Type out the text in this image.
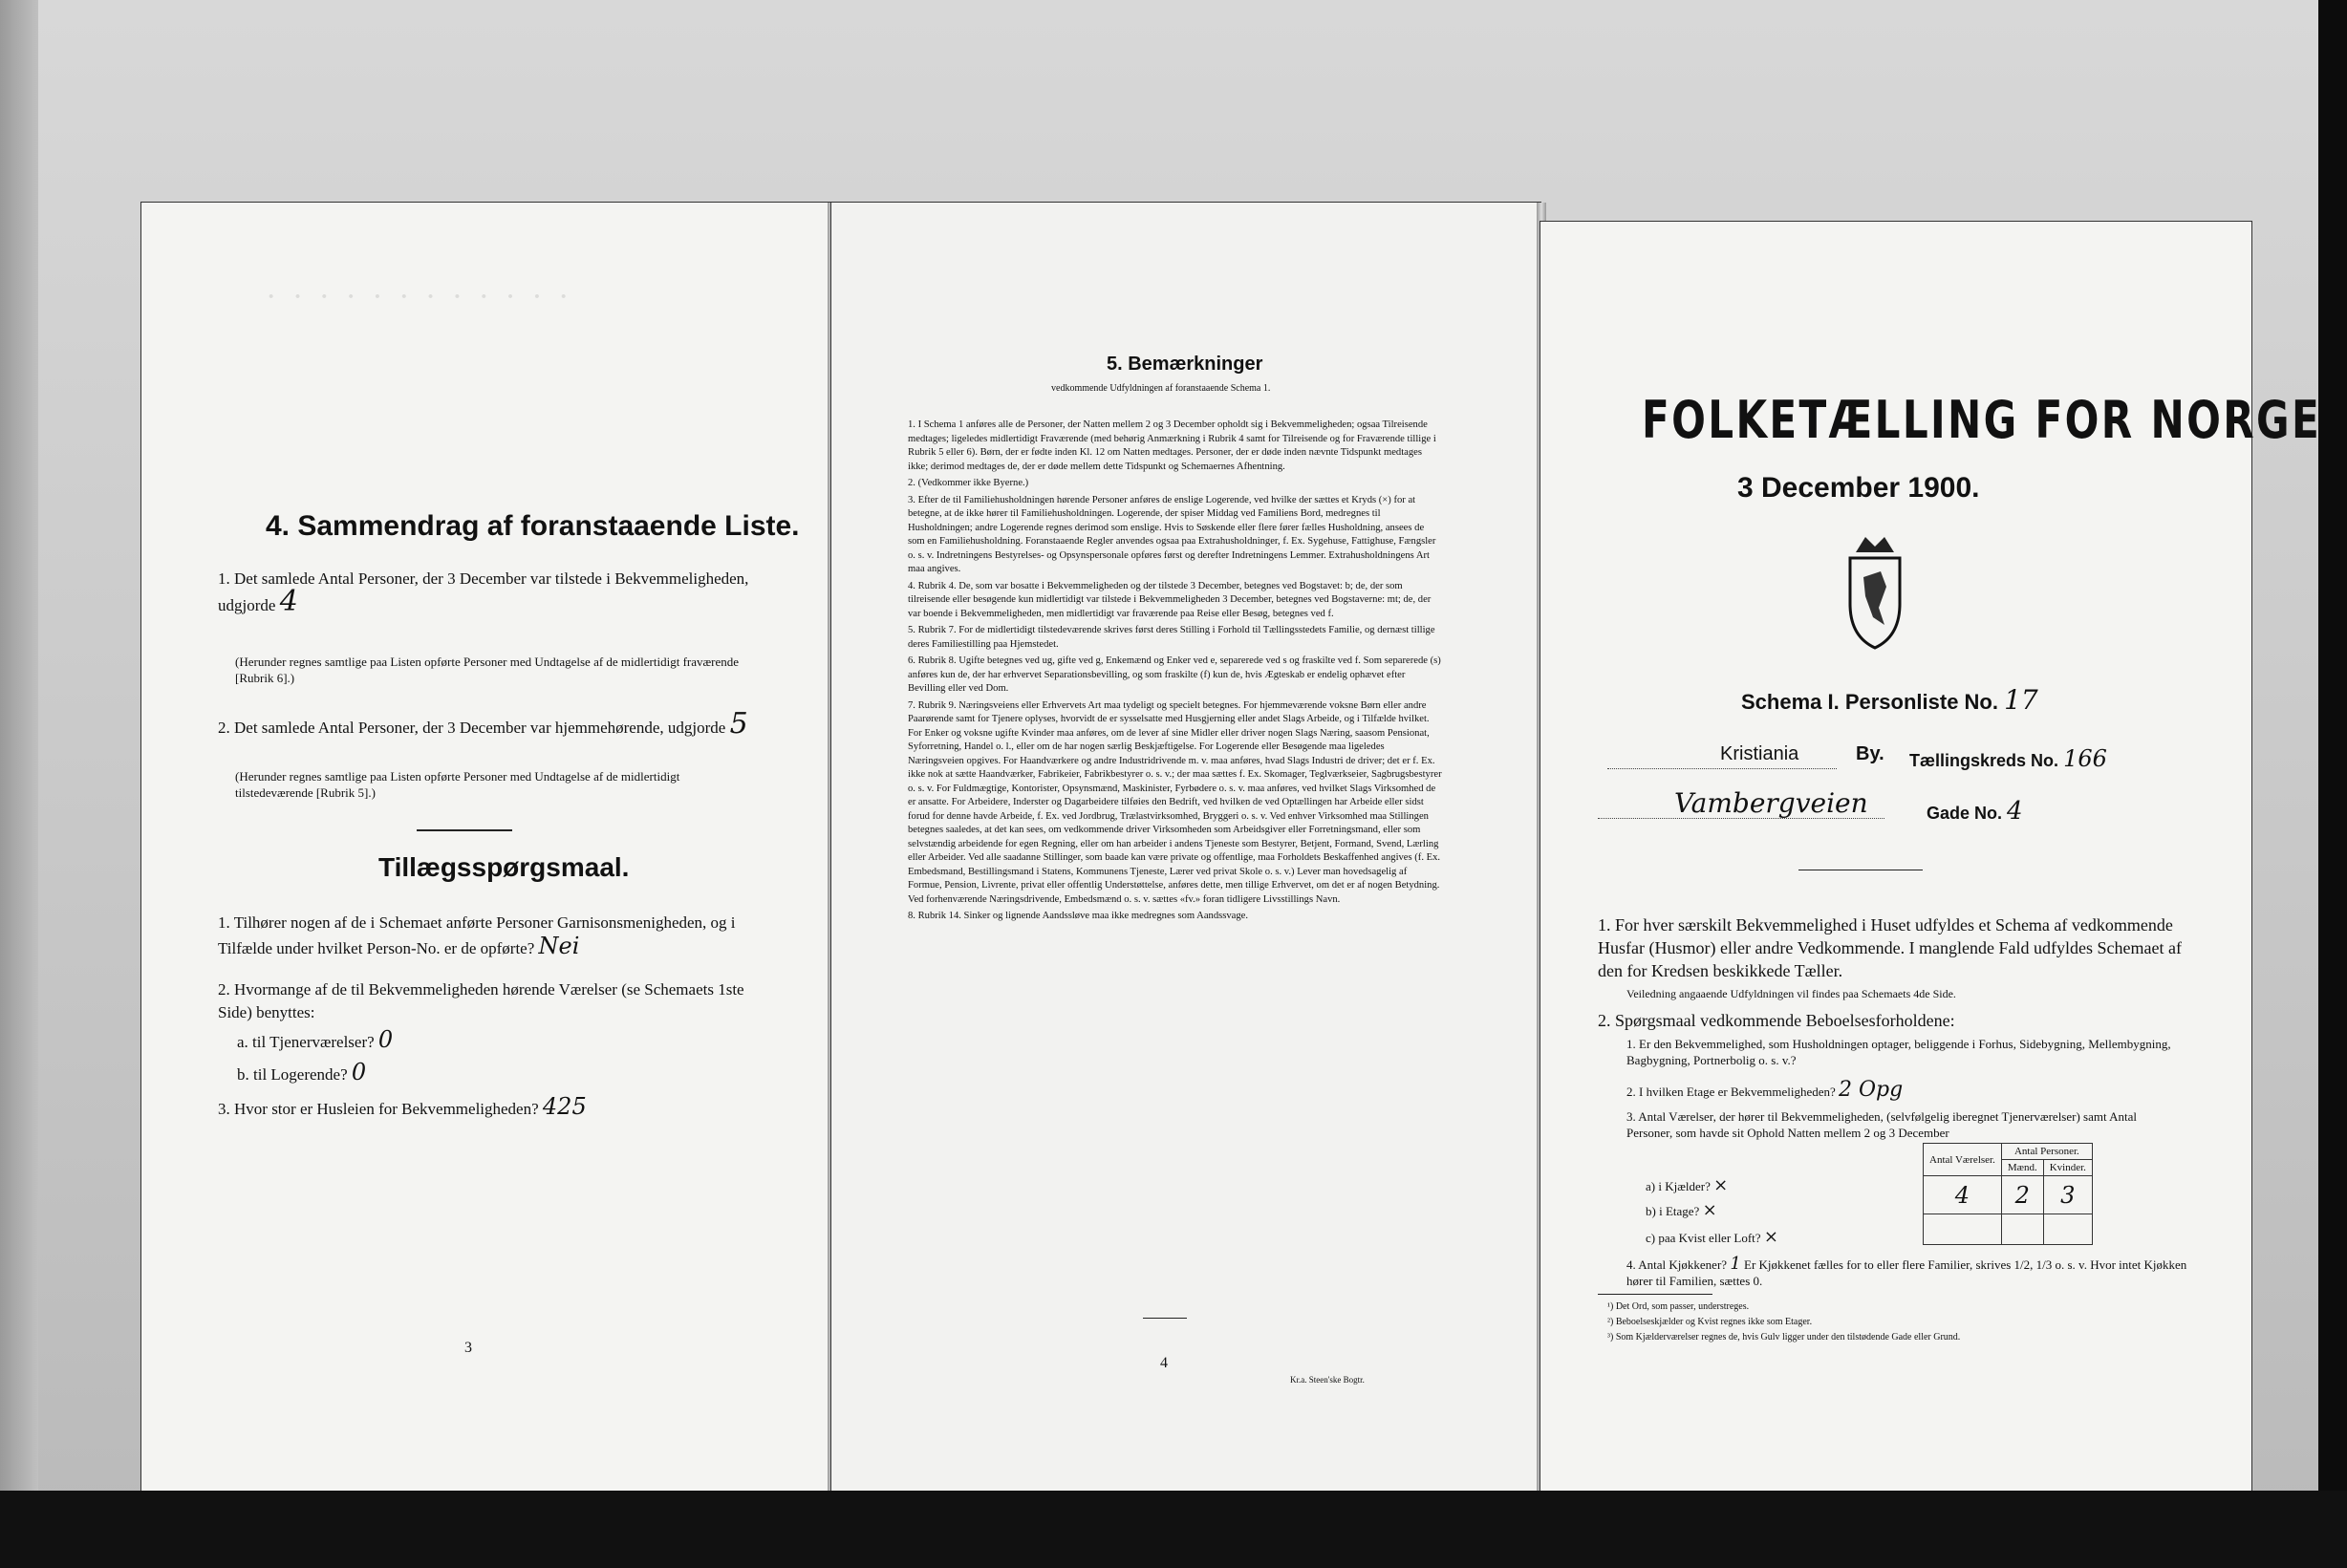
· · · · · · · · · · · ·
4. Sammendrag af foranstaaende Liste.
1. Det samlede Antal Personer, der 3 December var tilstede i Bekvemmeligheden, udgjorde 4
(Herunder regnes samtlige paa Listen opførte Personer med Undtagelse af de midlertidigt fraværende [Rubrik 6].)
2. Det samlede Antal Personer, der 3 December var hjemmehørende, udgjorde 5
(Herunder regnes samtlige paa Listen opførte Personer med Undtagelse af de midlertidigt tilstedeværende [Rubrik 5].)
Tillægsspørgsmaal.
1. Tilhører nogen af de i Schemaet anførte Personer Garnisonsmenigheden, og i Tilfælde under hvilket Person-No. er de opførte? Nei
2. Hvormange af de til Bekvemmeligheden hørende Værelser (se Schemaets 1ste Side) benyttes:
a. til Tjenerværelser? 0
b. til Logerende? 0
3. Hvor stor er Husleien for Bekvemmeligheden? 425
3
5. Bemærkninger
vedkommende Udfyldningen af foranstaaende Schema 1.
1. I Schema 1 anføres alle de Personer, der Natten mellem 2 og 3 December opholdt sig i Bekvemmeligheden; ogsaa Tilreisende medtages; ligeledes midlertidigt Fraværende (med behørig Anmærkning i Rubrik 4 samt for Tilreisende og for Fraværende tillige i Rubrik 5 eller 6). Børn, der er fødte inden Kl. 12 om Natten medtages. Personer, der er døde inden nævnte Tidspunkt medtages ikke; derimod medtages de, der er døde mellem dette Tidspunkt og Schemaernes Afhentning.
2. (Vedkommer ikke Byerne.)
3. Efter de til Familiehusholdningen hørende Personer anføres de enslige Logerende, ved hvilke der sættes et Kryds (×) for at betegne, at de ikke hører til Familiehusholdningen. Logerende, der spiser Middag ved Familiens Bord, medregnes til Husholdningen; andre Logerende regnes derimod som enslige. Hvis to Søskende eller flere fører fælles Husholdning, ansees de som en Familiehusholdning. Foranstaaende Regler anvendes ogsaa paa Extrahusholdninger, f. Ex. Sygehuse, Fattighuse, Fængsler o. s. v. Indretningens Bestyrelses- og Opsynspersonale opføres først og derefter Indretningens Lemmer. Extrahusholdningens Art maa angives.
4. Rubrik 4. De, som var bosatte i Bekvemmeligheden og der tilstede 3 December, betegnes ved Bogstavet: b; de, der som tilreisende eller besøgende kun midlertidigt var tilstede i Bekvemmeligheden 3 December, betegnes ved Bogstaverne: mt; de, der var boende i Bekvemmeligheden, men midlertidigt var fraværende paa Reise eller Besøg, betegnes ved f.
5. Rubrik 7. For de midlertidigt tilstedeværende skrives først deres Stilling i Forhold til Tællingsstedets Familie, og dernæst tillige deres Familiestilling paa Hjemstedet.
6. Rubrik 8. Ugifte betegnes ved ug, gifte ved g, Enkemænd og Enker ved e, separerede ved s og fraskilte ved f. Som separerede (s) anføres kun de, der har erhvervet Separationsbevilling, og som fraskilte (f) kun de, hvis Ægteskab er endelig ophævet efter Bevilling eller ved Dom.
7. Rubrik 9. Næringsveiens eller Erhvervets Art maa tydeligt og specielt betegnes. For hjemmeværende voksne Børn eller andre Paarørende samt for Tjenere oplyses, hvorvidt de er sysselsatte med Husgjerning eller andet Slags Arbeide, og i Tilfælde hvilket. For Enker og voksne ugifte Kvinder maa anføres, om de lever af sine Midler eller driver nogen Slags Næring, saasom Pensionat, Syforretning, Handel o. l., eller om de har nogen særlig Beskjæftigelse. For Logerende eller Besøgende maa ligeledes Næringsveien opgives. For Haandværkere og andre Industridrivende m. v. maa anføres, hvad Slags Industri de driver; det er f. Ex. ikke nok at sætte Haandværker, Fabrikeier, Fabrikbestyrer o. s. v.; der maa sættes f. Ex. Skomager, Teglværkseier, Sagbrugsbestyrer o. s. v. For Fuldmægtige, Kontorister, Opsynsmænd, Maskinister, Fyrbødere o. s. v. maa anføres, ved hvilket Slags Virksomhed de er ansatte. For Arbeidere, Inderster og Dagarbeidere tilføies den Bedrift, ved hvilken de ved Optællingen har Arbeide eller sidst forud for denne havde Arbeide, f. Ex. ved Jordbrug, Trælastvirksomhed, Bryggeri o. s. v. Ved enhver Virksomhed maa Stillingen betegnes saaledes, at det kan sees, om vedkommende driver Virksomheden som Arbeidsgiver eller Forretningsmand, eller som selvstændig arbeidende for egen Regning, eller om han arbeider i andens Tjeneste som Bestyrer, Betjent, Formand, Svend, Lærling eller Arbeider. Ved alle saadanne Stillinger, som baade kan være private og offentlige, maa Forholdets Beskaffenhed angives (f. Ex. Embedsmand, Bestillingsmand i Statens, Kommunens Tjeneste, Lærer ved privat Skole o. s. v.) Lever man hovedsagelig af Formue, Pension, Livrente, privat eller offentlig Understøttelse, anføres dette, men tillige Erhvervet, om det er af nogen Betydning. Ved forhenværende Næringsdrivende, Embedsmænd o. s. v. sættes «fv.» foran tidligere Livsstillings Navn.
8. Rubrik 14. Sinker og lignende Aandssløve maa ikke medregnes som Aandssvage.
4
Kr.a. Steen'ske Bogtr.
FOLKETÆLLING FOR NORGE
3 December 1900.
Schema I. Personliste No. 17
Kristiania	By. Tællingskreds No. 166
Vambergveien	Gade No. 4
1. For hver særskilt Bekvemmelighed i Huset udfyldes et Schema af vedkommende Husfar (Husmor) eller andre Vedkommende. I manglende Fald udfyldes Schemaet af den for Kredsen beskikkede Tæller.
Veiledning angaaende Udfyldningen vil findes paa Schemaets 4de Side.
2. Spørgsmaal vedkommende Beboelsesforholdene:
1. Er den Bekvemmelighed, som Husholdningen optager, beliggende i Forhus, Sidebygning, Mellembygning, Bagbygning, Portnerbolig o. s. v.?
2. I hvilken Etage er Bekvemmeligheden? 2 Opg
3. Antal Værelser, der hører til Bekvemmeligheden, (selvfølgelig iberegnet Tjenerværelser) samt Antal Personer, som havde sit Ophold Natten mellem 2 og 3 December
Antal Værelser.	Antal Personer.	
	Mænd.	Kvinder.
4	2	3

a) i Kjælder? ×
b) i Etage? ×
c) paa Kvist eller Loft? ×
4. Antal Kjøkkener? 1 Er Kjøkkenet fælles for to eller flere Familier, skrives 1/2, 1/3 o. s. v. Hvor intet Kjøkken hører til Familien, sættes 0.
¹) Det Ord, som passer, understreges.
²) Beboelseskjælder og Kvist regnes ikke som Etager.
³) Som Kjælderværelser regnes de, hvis Gulv ligger under den tilstødende Gade eller Grund.
